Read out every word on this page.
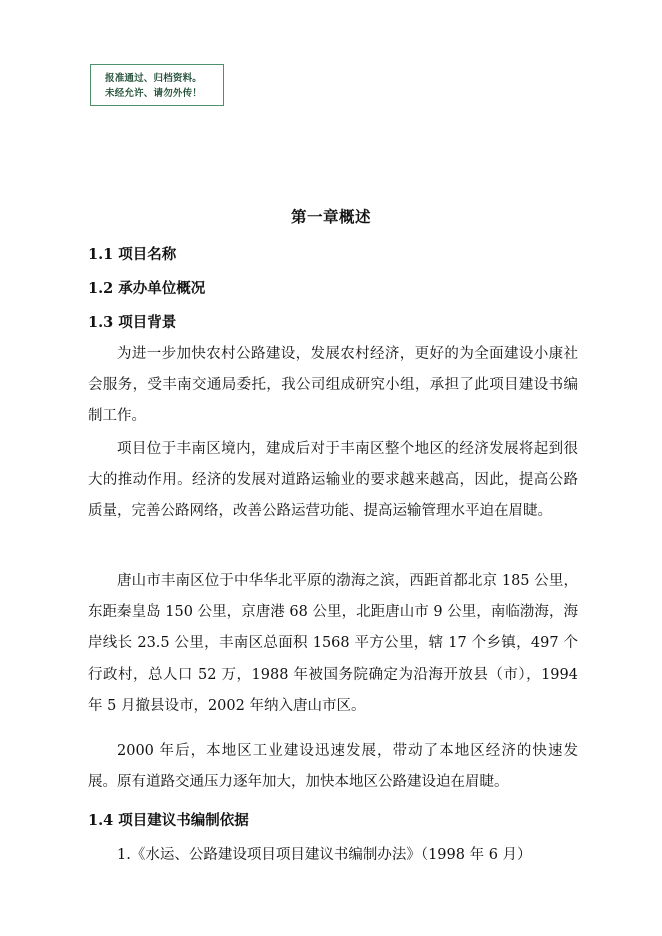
报准通过、归档资料。
未经允许、请勿外传！
第一章概述
1.1 项目名称
1.2 承办单位概况
1.3 项目背景
为进一步加快农村公路建设，发展农村经济，更好的为全面建设小康社会服务，受丰南交通局委托，我公司组成研究小组，承担了此项目建设书编制工作。
项目位于丰南区境内，建成后对于丰南区整个地区的经济发展将起到很大的推动作用。经济的发展对道路运输业的要求越来越高，因此，提高公路质量，完善公路网络，改善公路运营功能、提高运输管理水平迫在眉睫。
唐山市丰南区位于中华华北平原的渤海之滨，西距首都北京 185 公里，东距秦皇岛 150 公里，京唐港 68 公里，北距唐山市 9 公里，南临渤海，海岸线长 23.5 公里，丰南区总面积 1568 平方公里，辖 17 个乡镇，497 个行政村，总人口 52 万，1988 年被国务院确定为沿海开放县（市），1994 年 5 月撤县设市，2002 年纳入唐山市区。
2000 年后，本地区工业建设迅速发展，带动了本地区经济的快速发展。原有道路交通压力逐年加大，加快本地区公路建设迫在眉睫。
1.4 项目建议书编制依据
1.《水运、公路建设项目项目建议书编制办法》（1998 年 6 月）
